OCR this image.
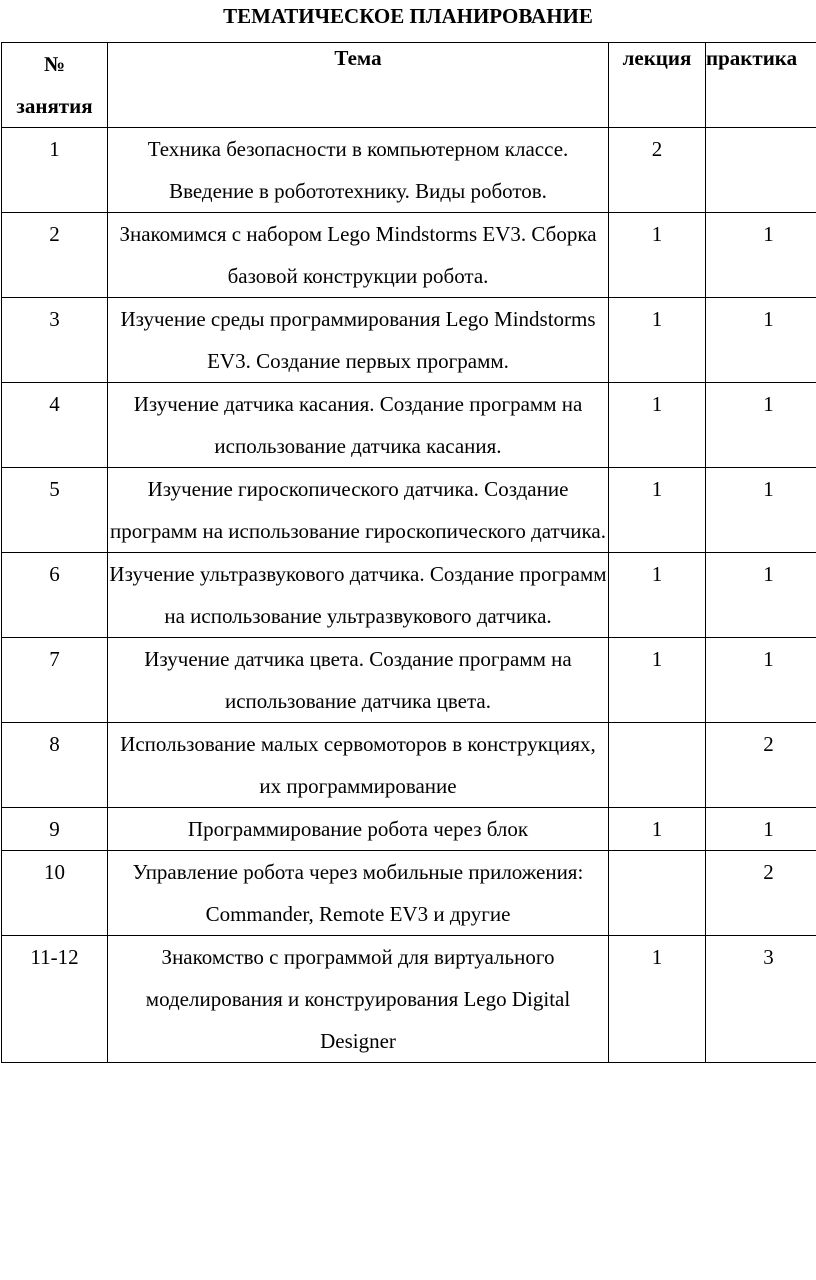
ТЕМАТИЧЕСКОЕ ПЛАНИРОВАНИЕ
№
занятия	Тема	лекция	практика
1	Техника безопасности в компьютерном классе. Введение в робототехнику. Виды роботов.	2	
2	Знакомимся с набором Lego Mindstorms EV3. Сборка базовой конструкции робота.	1	1
3	Изучение среды программирования Lego Mindstorms EV3. Создание первых программ.	1	1
4	Изучение датчика касания. Создание программ на использование датчика касания.	1	1
5	Изучение гироскопического датчика. Создание программ на использование гироскопического датчика.	1	1
6	Изучение ультразвукового датчика. Создание программ на использование ультразвукового датчика.	1	1
7	Изучение датчика цвета. Создание программ на использование датчика цвета.	1	1
8	Использование малых сервомоторов в конструкциях, их программирование		2
9	Программирование робота через блок	1	1
10	Управление робота через мобильные приложения: Commander, Remote EV3 и другие		2
11-12	Знакомство с программой для виртуального моделирования и конструирования Lego Digital Designer	1	3
